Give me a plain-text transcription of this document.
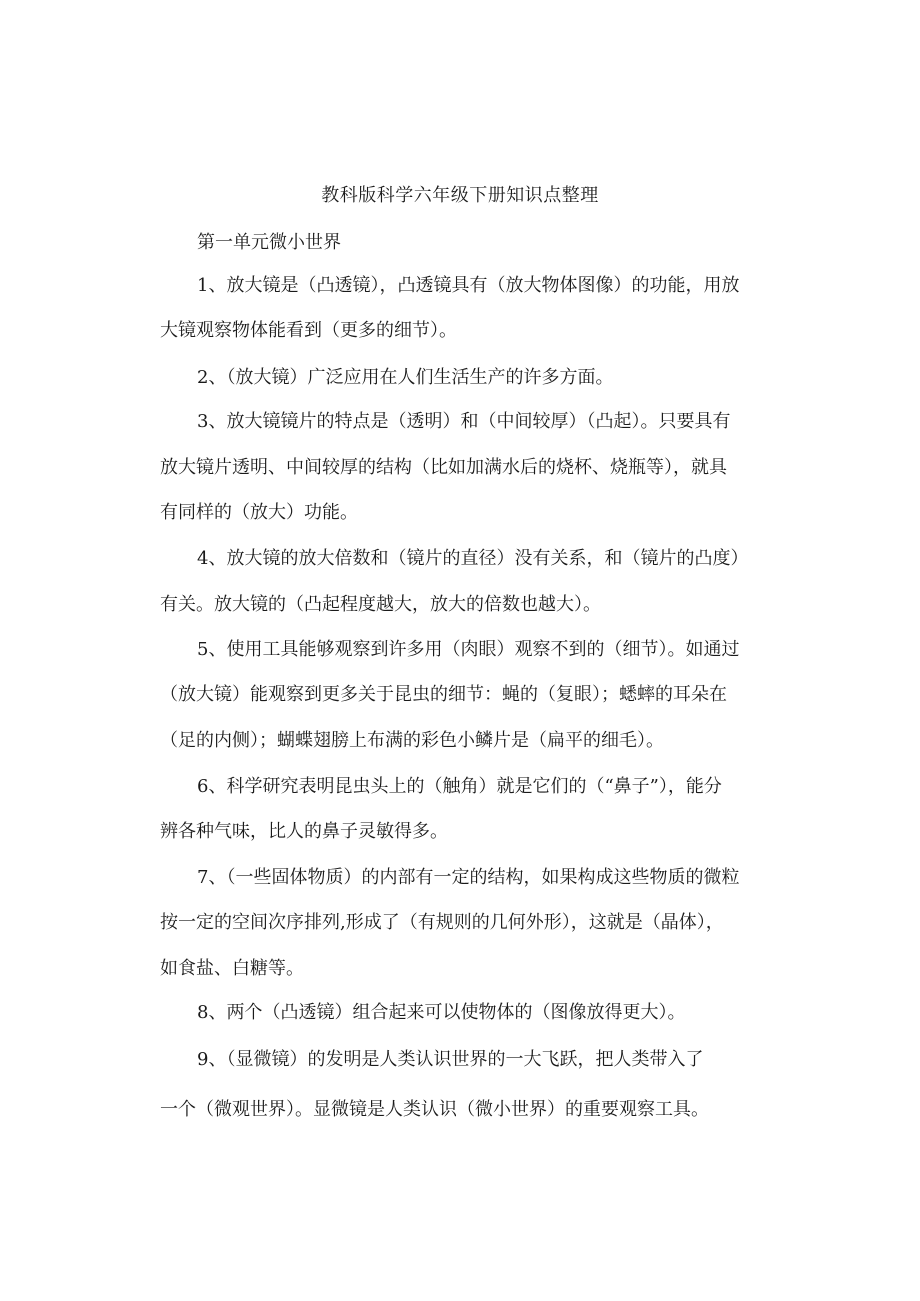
教科版科学六年级下册知识点整理
第一单元微小世界
1、放大镜是（凸透镜），凸透镜具有（放大物体图像）的功能，用放
大镜观察物体能看到（更多的细节）。
2、（放大镜）广泛应用在人们生活生产的许多方面。
3、放大镜镜片的特点是（透明）和（中间较厚）（凸起）。只要具有
放大镜片透明、中间较厚的结构（比如加满水后的烧杯、烧瓶等），就具
有同样的（放大）功能。
4、放大镜的放大倍数和（镜片的直径）没有关系，和（镜片的凸度）
有关。放大镜的（凸起程度越大，放大的倍数也越大）。
5、使用工具能够观察到许多用（肉眼）观察不到的（细节）。如通过
（放大镜）能观察到更多关于昆虫的细节：蝇的（复眼）；蟋蟀的耳朵在
（足的内侧）；蝴蝶翅膀上布满的彩色小鳞片是（扁平的细毛）。
6、科学研究表明昆虫头上的（触角）就是它们的（“鼻子”），能分
辨各种气味，比人的鼻子灵敏得多。
7、（一些固体物质）的内部有一定的结构，如果构成这些物质的微粒
按一定的空间次序排列,形成了（有规则的几何外形），这就是（晶体），
如食盐、白糖等。
8、两个（凸透镜）组合起来可以使物体的（图像放得更大）。
9、（显微镜）的发明是人类认识世界的一大飞跃，把人类带入了
一个（微观世界）。显微镜是人类认识（微小世界）的重要观察工具。
